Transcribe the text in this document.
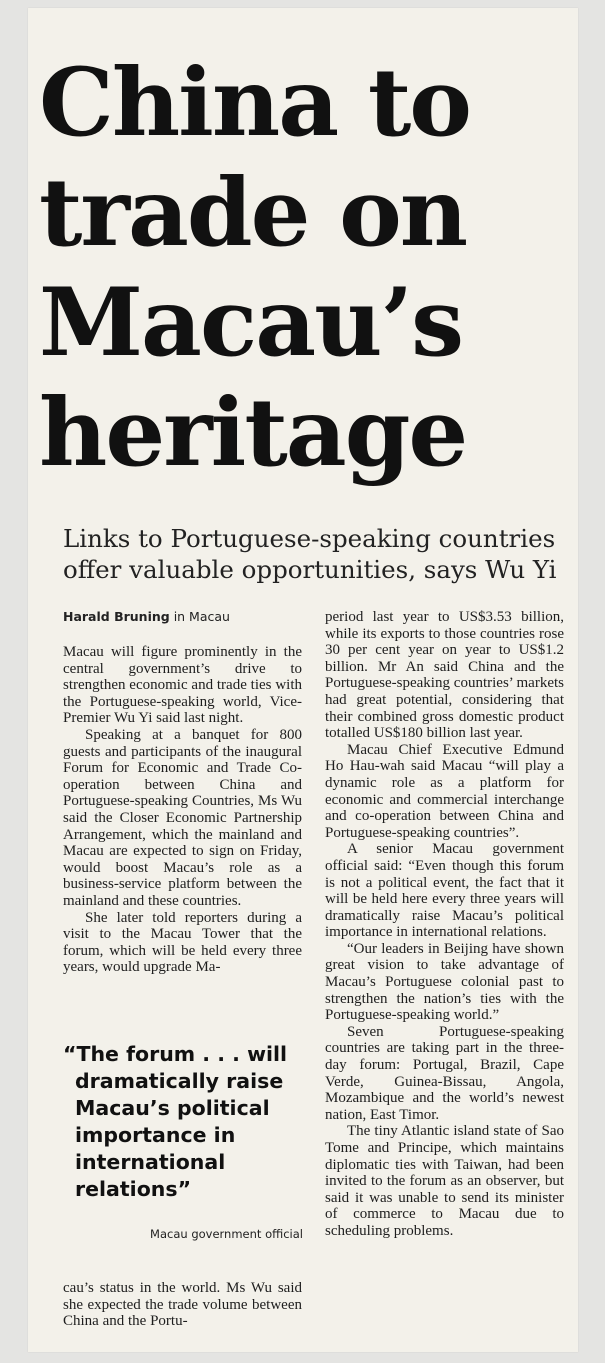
China to
trade on
Macau’s
heritage

Links to Portuguese-speaking countries offer valuable opportunities, says Wu Yi

Harald Bruning in Macau

Macau will figure prominently in the central government’s drive to strengthen economic and trade ties with the Portuguese-speaking world, Vice-Premier Wu Yi said last night.

Speaking at a banquet for 800 guests and participants of the inaugural Forum for Economic and Trade Co-operation between China and Portuguese-speaking Countries, Ms Wu said the Closer Economic Partnership Arrangement, which the mainland and Macau are expected to sign on Friday, would boost Macau’s role as a business-service platform between the mainland and these countries.

She later told reporters during a visit to the Macau Tower that the forum, which will be held every three years, would upgrade Ma-

“The forum . . . will
dramatically raise
Macau’s political
importance in
international
relations”

Macau government official

cau’s status in the world. Ms Wu said she expected the trade volume between China and the Portu-

period last year to US$3.53 billion, while its exports to those countries rose 30 per cent year on year to US$1.2 billion. Mr An said China and the Portuguese-speaking countries’ markets had great potential, considering that their combined gross domestic product totalled US$180 billion last year.

Macau Chief Executive Edmund Ho Hau-wah said Macau “will play a dynamic role as a platform for economic and commercial interchange and co-operation between China and Portuguese-speaking countries”.

A senior Macau government official said: “Even though this forum is not a political event, the fact that it will be held here every three years will dramatically raise Macau’s political importance in international relations.

“Our leaders in Beijing have shown great vision to take advantage of Macau’s Portuguese colonial past to strengthen the nation’s ties with the Portuguese-speaking world.”

Seven Portuguese-speaking countries are taking part in the three-day forum: Portugal, Brazil, Cape Verde, Guinea-Bissau, Angola, Mozambique and the world’s newest nation, East Timor.

The tiny Atlantic island state of Sao Tome and Principe, which maintains diplomatic ties with Taiwan, had been invited to the forum as an observer, but said it was unable to send its minister of commerce to Macau due to scheduling problems.
